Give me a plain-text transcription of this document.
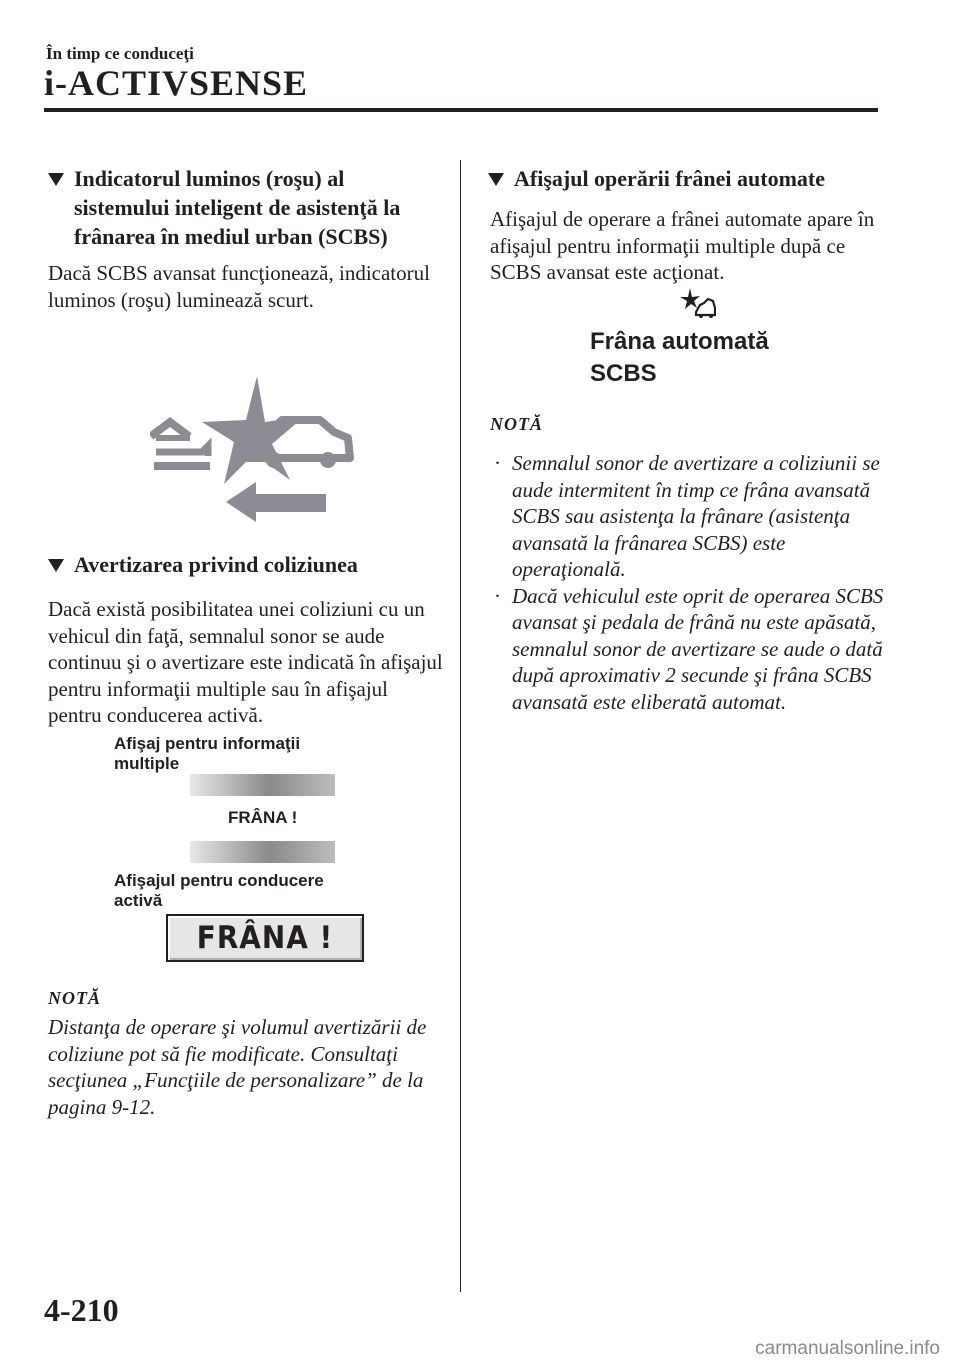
În timp ce conduceţi
i-ACTIVSENSE
Indicatorul luminos (roşu) al sistemului inteligent de asistenţă la frânarea în mediul urban (SCBS)
Dacă SCBS avansat funcţionează, indicatorul luminos (roşu) luminează scurt.
Avertizarea privind coliziunea
Dacă există posibilitatea unei coliziuni cu un vehicul din faţă, semnalul sonor se aude continuu şi o avertizare este indicată în afişajul pentru informaţii multiple sau în afişajul pentru conducerea activă.
Afişaj pentru informaţii multiple
FRÂNA !
Afişajul pentru conducere activă
FRÂNA !
NOTĂ
Distanţa de operare şi volumul avertizării de coliziune pot să fie modificate. Consultaţi secţiunea „Funcţiile de personalizare” de la pagina 9-12.
Afişajul operării frânei automate
Afişajul de operare a frânei automate apare în afişajul pentru informaţii multiple după ce SCBS avansat este acţionat.
Frâna automată
SCBS
NOTĂ
· Semnalul sonor de avertizare a coliziunii se aude intermitent în timp ce frâna avansată SCBS sau asistenţa la frânare (asistenţa avansată la frânarea SCBS) este operaţională.
· Dacă vehiculul este oprit de operarea SCBS avansat şi pedala de frână nu este apăsată, semnalul sonor de avertizare se aude o dată după aproximativ 2 secunde şi frâna SCBS avansată este eliberată automat.
4-210
carmanualsonline.info
